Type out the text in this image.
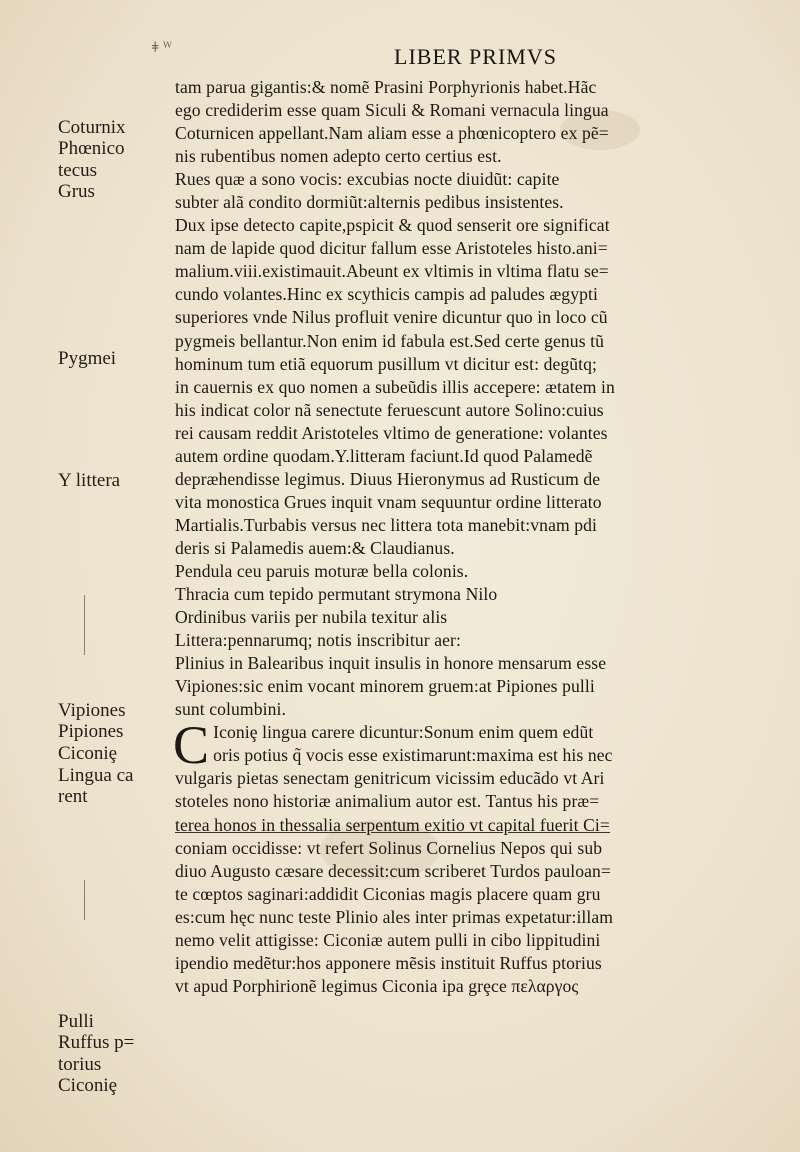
ǂ ᵂ	LIBER PRIMVS
Coturnix
Phœnico
tecus
Grus
Pygmei
Y littera
Vipiones
Pipiones
Ciconiȩ
Lingua ca
rent
Pulli
Ruffus p=
torius
Ciconiȩ
tam parua gigantis:& nomẽ Prasini Porphyrionis habet.Hãc
ego crediderim esse quam Siculi & Romani vernacula lingua
Coturnicen appellant.Nam aliam esse a phœnicoptero ex pẽ=
nis rubentibus nomen adepto certo certius est.
Rues quæ a sono vocis: excubias nocte diuidũt: capite
subter alã condito dormiũt:alternis pedibus insistentes.
Dux ipse detecto capite,pspicit & quod senserit ore significat
nam de lapide quod dicitur fallum esse Aristoteles histo.ani=
malium.viii.existimauit.Abeunt ex vltimis in vltima flatu se=
cundo volantes.Hinc ex scythicis campis ad paludes ægypti
superiores vnde Nilus profluit venire dicuntur quo in loco cũ
pygmeis bellantur.Non enim id fabula est.Sed certe genus tũ
hominum tum etiã equorum pusillum vt dicitur est: degũtq;
in cauernis ex quo nomen a subeũdis illis accepere: ætatem in
his indicat color nã senectute feruescunt autore Solino:cuius
rei causam reddit Aristoteles vltimo de generatione: volantes
autem ordine quodam.Y.litteram faciunt.Id quod Palamedẽ
depræhendisse legimus. Diuus Hieronymus ad Rusticum de
vita monostica Grues inquit vnam sequuntur ordine litterato
Martialis.Turbabis versus nec littera tota manebit:vnam pdi
deris si Palamedis auem:& Claudianus.
Pendula ceu paruis moturæ bella colonis.
Thracia cum tepido permutant strymona Nilo
Ordinibus variis per nubila texitur alis
Littera:pennarumq; notis inscribitur aer:
Plinius in Balearibus inquit insulis in honore mensarum esse
Vipiones:sic enim vocant minorem gruem:at Pipiones pulli
sunt columbini.
C Iconiȩ lingua carere dicuntur:Sonum enim quem edũt
oris potius q̃ vocis esse existimarunt:maxima est his nec
vulgaris pietas senectam genitricum vicissim educãdo vt Ari
stoteles nono historiæ animalium autor est. Tantus his præ=
terea honos in thessalia serpentum exitio vt capital fuerit Ci=
coniam occidisse: vt refert Solinus Cornelius Nepos qui sub
diuo Augusto cæsare decessit:cum scriberet Turdos pauloan=
te cœptos saginari:addidit Ciconias magis placere quam gru
es:cum hęc nunc teste Plinio ales inter primas expetatur:illam
nemo velit attigisse: Ciconiæ autem pulli in cibo lippitudini
ipendio medẽtur:hos apponere mẽsis instituit Ruffus ptorius
vt apud Porphirionẽ legimus Ciconia ipa grȩce πελαργος
